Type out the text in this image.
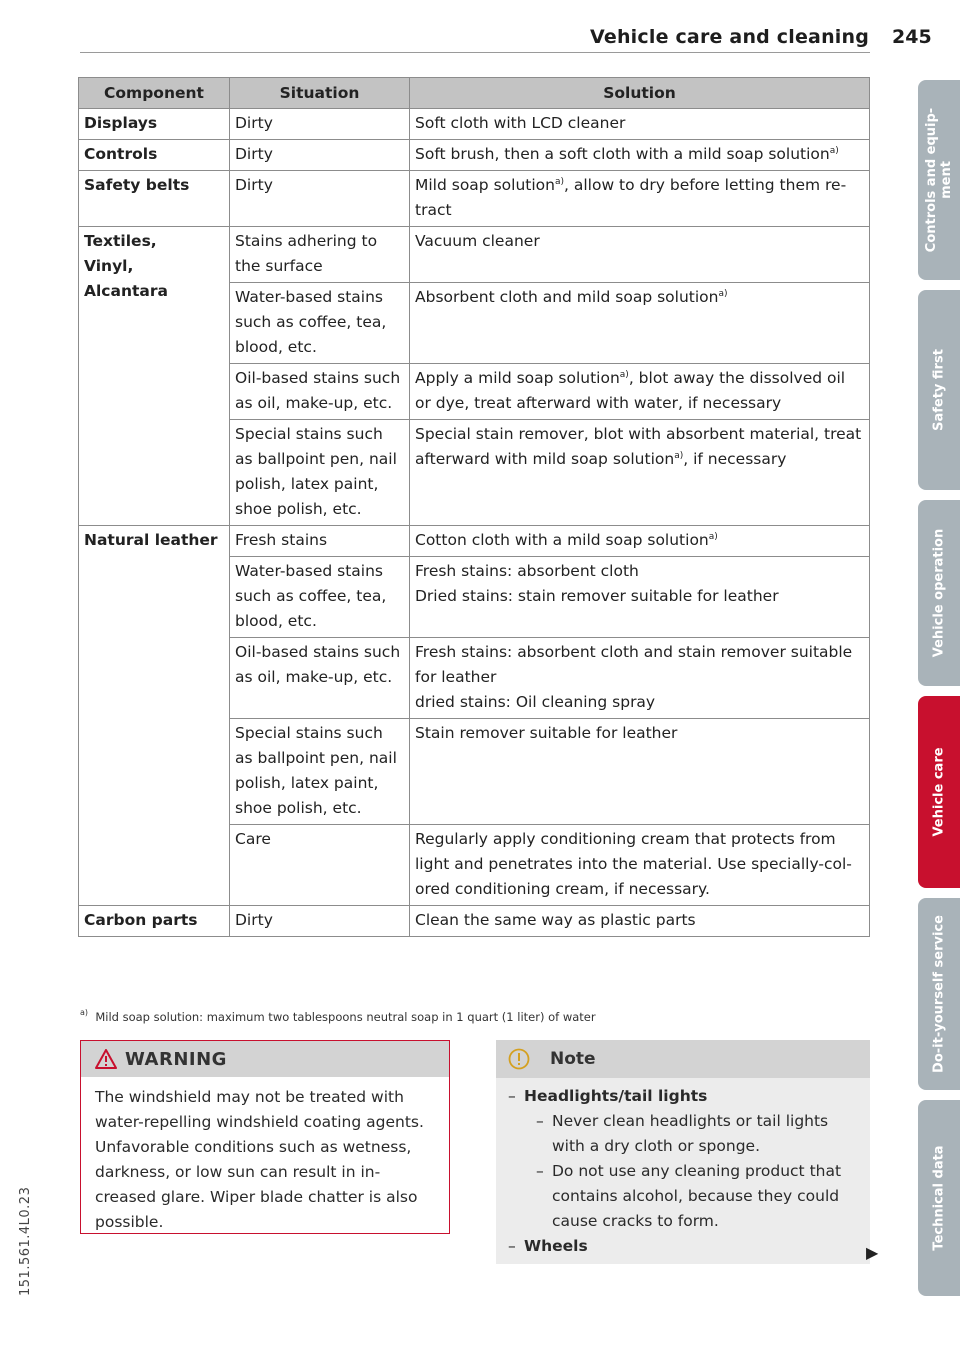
Vehicle care and cleaning 245
Component	Situation	Solution
Displays	Dirty	Soft cloth with LCD cleaner
Controls	Dirty	Soft brush, then a soft cloth with a mild soap solution$^{a)}$
Safety belts	Dirty	Mild soap solution$^{a)}$, allow to dry before letting them re-tract

Textiles,
Vinyl,
Alcantara	Stains adhering to the surface	Vacuum cleaner
	Water-based stains such as coffee, tea, blood, etc.	Absorbent cloth and mild soap solution$^{a)}$
	Oil-based stains such as oil, make-up, etc.	Apply a mild soap solution$^{a)}$, blot away the dissolved oil or dye, treat afterward with water, if necessary
	Special stains such as ballpoint pen, nail polish, latex paint, shoe polish, etc.	Special stain remover, blot with absorbent material, treat afterward with mild soap solution$^{a)}$, if necessary
Natural leather	Fresh stains	Cotton cloth with a mild soap solution$^{a)}$
	Water-based stains such as coffee, tea, blood, etc.	Fresh stains: absorbent cloth
Dried stains: stain remover suitable for leather

	Oil-based stains such as oil, make-up, etc.	Fresh stains: absorbent cloth and stain remover suitable for leather
dried stains: Oil cleaning spray

	Special stains such as ballpoint pen, nail polish, latex paint, shoe polish, etc.	Stain remover suitable for leather
	Care	Regularly apply conditioning cream that protects from light and penetrates into the material. Use specially-col-ored conditioning cream, if necessary.
Carbon parts	Dirty	Clean the same way as plastic parts
$^{a)}$ Mild soap solution: maximum two tablespoons neutral soap in 1 quart (1 liter) of water
WARNING
The windshield may not be treated with water-repelling windshield coating agents. Unfavorable conditions such as wetness, darkness, or low sun can result in in-creased glare. Wiper blade chatter is also possible.
Note
– Headlights/tail lights
– Never clean headlights or tail lights with a dry cloth or sponge.
– Do not use any cleaning product that contains alcohol, because they could cause cracks to form.
– Wheels	▶
Controls and equip-ment
Safety first
Vehicle operation
Vehicle care
Do-it-yourself service
Technical data
151.561.4L0.23
